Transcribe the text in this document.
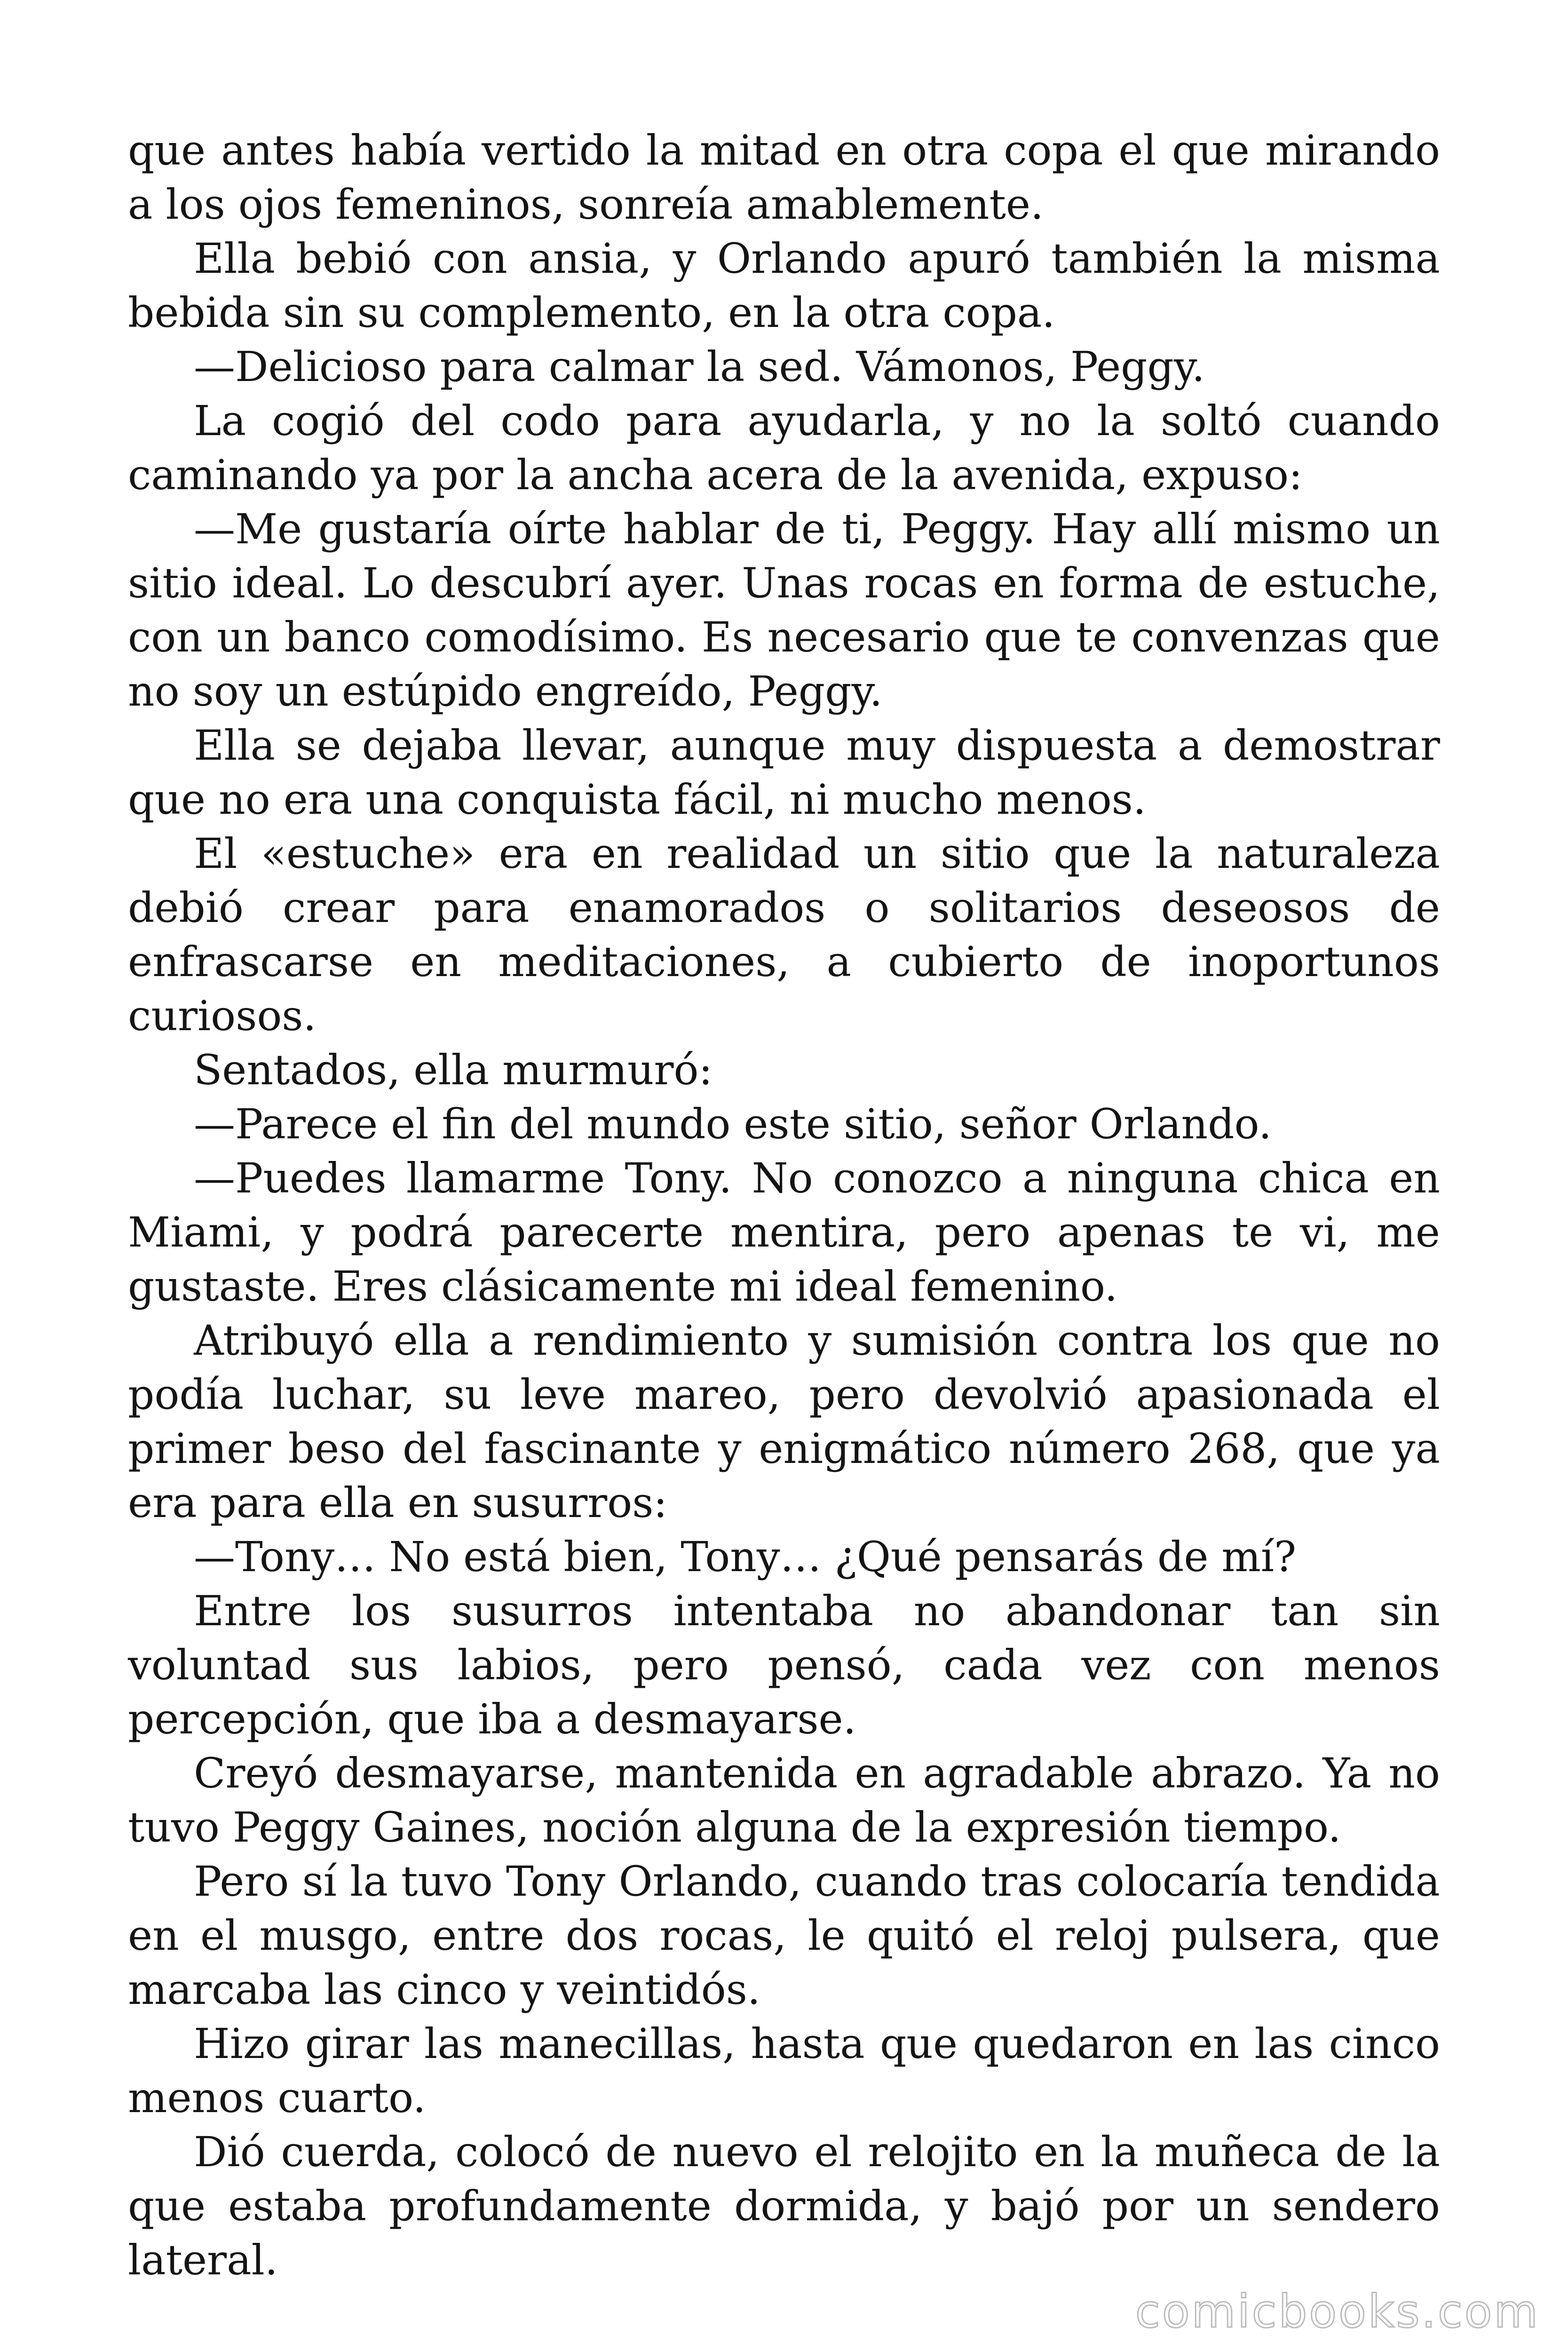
que antes había vertido la mitad en otra copa el que mirando a los ojos femeninos, sonreía amablemente.

Ella bebió con ansia, y Orlando apuró también la misma bebida sin su complemento, en la otra copa.

—Delicioso para calmar la sed. Vámonos, Peggy.

La cogió del codo para ayudarla, y no la soltó cuando caminando ya por la ancha acera de la avenida, expuso:

—Me gustaría oírte hablar de ti, Peggy. Hay allí mismo un sitio ideal. Lo descubrí ayer. Unas rocas en forma de estuche, con un banco comodísimo. Es necesario que te convenzas que no soy un estúpido engreído, Peggy.

Ella se dejaba llevar, aunque muy dispuesta a demostrar que no era una conquista fácil, ni mucho menos.

El «estuche» era en realidad un sitio que la naturaleza debió crear para enamorados o solitarios deseosos de enfrascarse en meditaciones, a cubierto de inoportunos curiosos.

Sentados, ella murmuró:

—Parece el fin del mundo este sitio, señor Orlando.

—Puedes llamarme Tony. No conozco a ninguna chica en Miami, y podrá parecerte mentira, pero apenas te vi, me gustaste. Eres clásicamente mi ideal femenino.

Atribuyó ella a rendimiento y sumisión contra los que no podía luchar, su leve mareo, pero devolvió apasionada el primer beso del fascinante y enigmático número 268, que ya era para ella en susurros:

—Tony… No está bien, Tony… ¿Qué pensarás de mí?

Entre los susurros intentaba no abandonar tan sin voluntad sus labios, pero pensó, cada vez con menos percepción, que iba a desmayarse.

Creyó desmayarse, mantenida en agradable abrazo. Ya no tuvo Peggy Gaines, noción alguna de la expresión tiempo.

Pero sí la tuvo Tony Orlando, cuando tras colocaría tendida en el musgo, entre dos rocas, le quitó el reloj pulsera, que marcaba las cinco y veintidós.

Hizo girar las manecillas, hasta que quedaron en las cinco menos cuarto.

Dió cuerda, colocó de nuevo el relojito en la muñeca de la que estaba profundamente dormida, y bajó por un sendero lateral.

comicbooks.com
